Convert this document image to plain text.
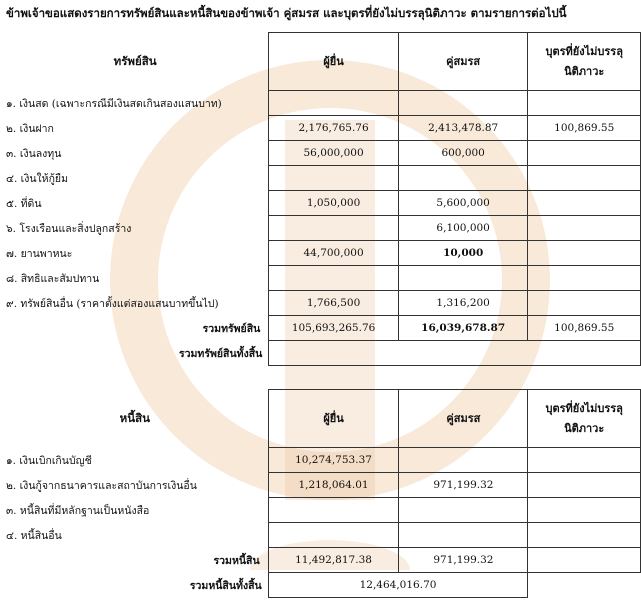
ข้าพเจ้าขอแสดงรายการทรัพย์สินและหนี้สินของข้าพเจ้า คู่สมรส และบุตรที่ยังไม่บรรลุนิติภาวะ ตามรายการต่อไปนี้
ทรัพย์สิน	ผู้ยื่น	คู่สมรส	บุตรที่ยังไม่บรรลุ
นิติภาวะ
๑. เงินสด (เฉพาะกรณีมีเงินสดเกินสองแสนบาท)			
๒. เงินฝาก	2,176,765.76	2,413,478.87	100,869.55
๓. เงินลงทุน	56,000,000	600,000	
๔. เงินให้กู้ยืม			
๕. ที่ดิน	1,050,000	5,600,000	
๖. โรงเรือนและสิ่งปลูกสร้าง		6,100,000	
๗. ยานพาหนะ	44,700,000	10,000	
๘. สิทธิและสัมปทาน			
๙. ทรัพย์สินอื่น (ราคาตั้งแต่สองแสนบาทขึ้นไป)	1,766,500	1,316,200	
รวมทรัพย์สิน	105,693,265.76	16,039,678.87	100,869.55
รวมทรัพย์สินทั้งสิ้น			
หนี้สิน	ผู้ยื่น	คู่สมรส	บุตรที่ยังไม่บรรลุ
นิติภาวะ
๑. เงินเบิกเกินบัญชี	10,274,753.37		
๒. เงินกู้จากธนาคารและสถาบันการเงินอื่น	1,218,064.01	971,199.32	
๓. หนี้สินที่มีหลักฐานเป็นหนังสือ			
๔. หนี้สินอื่น			
รวมหนี้สิน	11,492,817.38	971,199.32	
รวมหนี้สินทั้งสิ้น	12,464,016.70		
